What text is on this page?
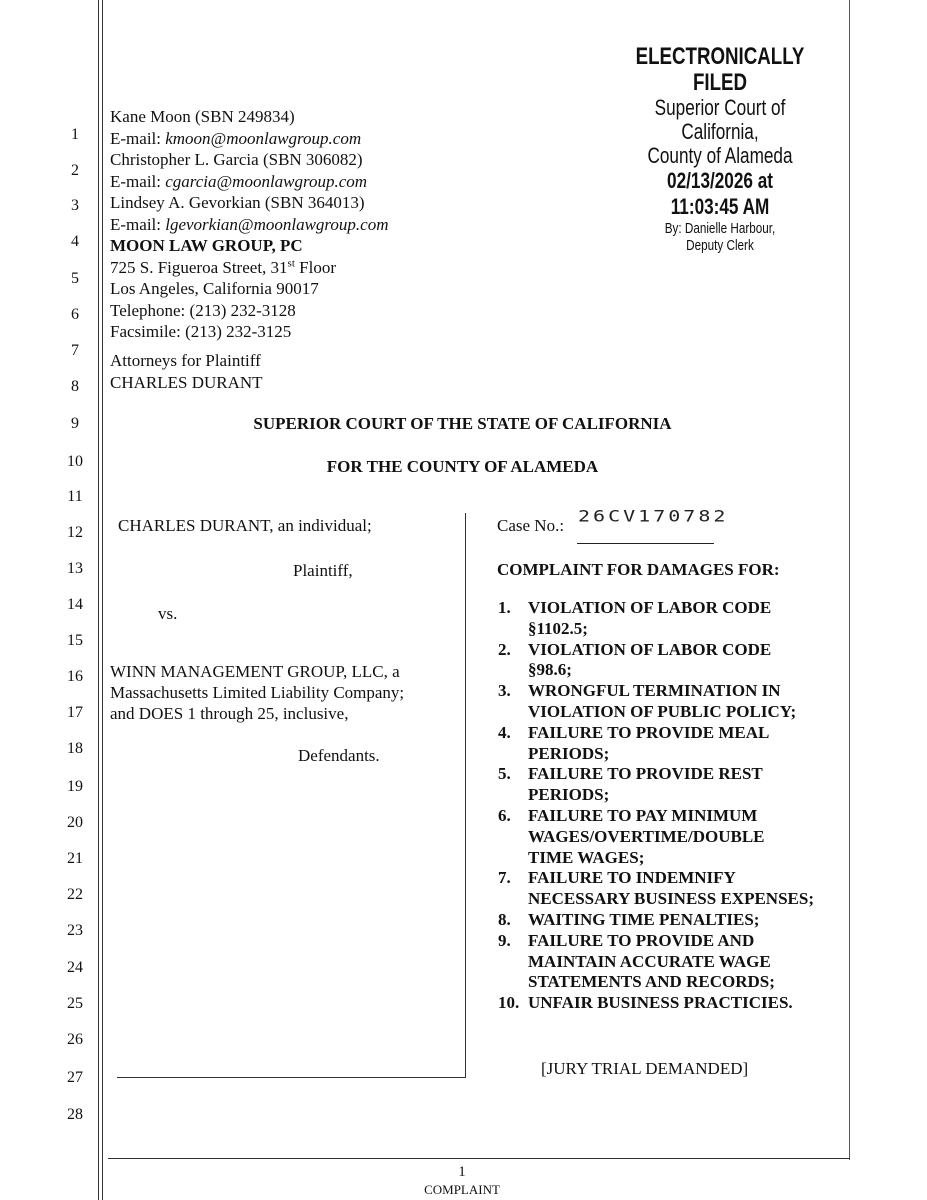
1
2
3
4
5
6
7
8
9
10
11
12
13
14
15
16
17
18
19
20
21
22
23
24
25
26
27
28
ELECTRONICALLY FILED
Superior Court of California,
County of Alameda
02/13/2026 at 11:03:45 AM
By: Danielle Harbour,
Deputy Clerk
Kane Moon (SBN 249834)
E-mail: kmoon@moonlawgroup.com
Christopher L. Garcia (SBN 306082)
E-mail: cgarcia@moonlawgroup.com
Lindsey A. Gevorkian (SBN 364013)
E-mail: lgevorkian@moonlawgroup.com
MOON LAW GROUP, PC
725 S. Figueroa Street, 31st Floor
Los Angeles, California 90017
Telephone: (213) 232-3128
Facsimile: (213) 232-3125
Attorneys for Plaintiff
CHARLES DURANT
SUPERIOR COURT OF THE STATE OF CALIFORNIA
FOR THE COUNTY OF ALAMEDA
CHARLES DURANT, an individual;
Plaintiff,
vs.
WINN MANAGEMENT GROUP, LLC, a
Massachusetts Limited Liability Company;
and DOES 1 through 25, inclusive,
Defendants.
Case No.: 26CV170782
COMPLAINT FOR DAMAGES FOR:
1.	VIOLATION OF LABOR CODE
§1102.5;
2.	VIOLATION OF LABOR CODE
§98.6;
3.	WRONGFUL TERMINATION IN
VIOLATION OF PUBLIC POLICY;
4.	FAILURE TO PROVIDE MEAL
PERIODS;
5.	FAILURE TO PROVIDE REST
PERIODS;
6.	FAILURE TO PAY MINIMUM
WAGES/OVERTIME/DOUBLE
TIME WAGES;
7.	FAILURE TO INDEMNIFY
NECESSARY BUSINESS EXPENSES;
8.	WAITING TIME PENALTIES;
9.	FAILURE TO PROVIDE AND
MAINTAIN ACCURATE WAGE
STATEMENTS AND RECORDS;
10. UNFAIR BUSINESS PRACTICIES.
[JURY TRIAL DEMANDED]
1
COMPLAINT
